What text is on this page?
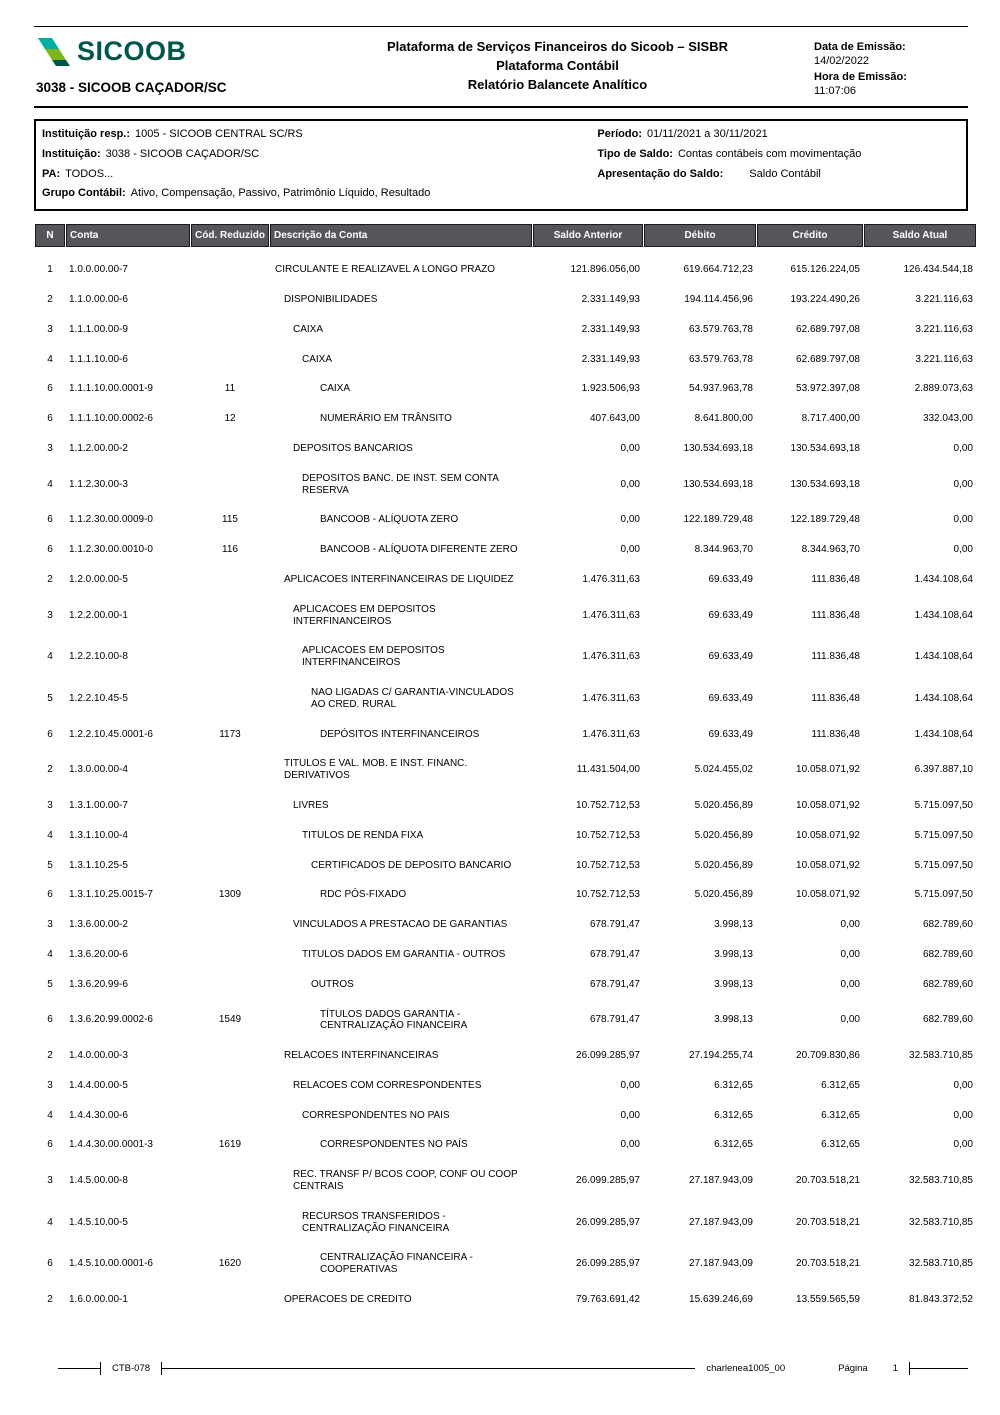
SICOOB	Plataforma de Serviços Financeiros do Sicoob – SISBR
Plataforma Contábil
Relatório Balancete Analítico
Data de Emissão:
14/02/2022
Hora de Emissão:
11:07:06
3038 - SICOOB CAÇADOR/SC
Instituição resp.: 1005 - SICOOB CENTRAL SC/RS	Período: 01/11/2021 a 30/11/2021
Instituição: 3038 - SICOOB CAÇADOR/SC	Tipo de Saldo: Contas contábeis com movimentação
PA: TODOS...	Apresentação do Saldo: Saldo Contábil
Grupo Contábil: Ativo, Compensação, Passivo, Patrimônio Líquido, Resultado
N	Conta	Cód. Reduzido	Descrição da Conta	Saldo Anterior	Débito	Crédito	Saldo Atual
1	1.0.0.00.00-7		CIRCULANTE E REALIZAVEL A LONGO PRAZO	121.896.056,00	619.664.712,23	615.126.224,05	126.434.544,18
2	1.1.0.00.00-6		DISPONIBILIDADES	2.331.149,93	194.114.456,96	193.224.490,26	3.221.116,63
3	1.1.1.00.00-9		CAIXA	2.331.149,93	63.579.763,78	62.689.797,08	3.221.116,63
4	1.1.1.10.00-6		CAIXA	2.331.149,93	63.579.763,78	62.689.797,08	3.221.116,63
6	1.1.1.10.00.0001-9	11	CAIXA	1.923.506,93	54.937.963,78	53.972.397,08	2.889.073,63
6	1.1.1.10.00.0002-6	12	NUMERÁRIO EM TRÂNSITO	407.643,00	8.641.800,00	8.717.400,00	332.043,00
3	1.1.2.00.00-2		DEPOSITOS BANCARIOS	0,00	130.534.693,18	130.534.693,18	0,00
4	1.1.2.30.00-3		DEPOSITOS BANC. DE INST. SEM CONTA RESERVA	0,00	130.534.693,18	130.534.693,18	0,00
6	1.1.2.30.00.0009-0	115	BANCOOB - ALÍQUOTA ZERO	0,00	122.189.729,48	122.189.729,48	0,00
6	1.1.2.30.00.0010-0	116	BANCOOB - ALÍQUOTA DIFERENTE ZERO	0,00	8.344.963,70	8.344.963,70	0,00
2	1.2.0.00.00-5		APLICACOES INTERFINANCEIRAS DE LIQUIDEZ	1.476.311,63	69.633,49	111.836,48	1.434.108,64
3	1.2.2.00.00-1		APLICACOES EM DEPOSITOS INTERFINANCEIROS	1.476.311,63	69.633,49	111.836,48	1.434.108,64
4	1.2.2.10.00-8		APLICACOES EM DEPOSITOS INTERFINANCEIROS	1.476.311,63	69.633,49	111.836,48	1.434.108,64
5	1.2.2.10.45-5		NAO LIGADAS C/ GARANTIA-VINCULADOS AO CRED. RURAL	1.476.311,63	69.633,49	111.836,48	1.434.108,64
6	1.2.2.10.45.0001-6	1173	DEPÓSITOS INTERFINANCEIROS	1.476.311,63	69.633,49	111.836,48	1.434.108,64
2	1.3.0.00.00-4		TITULOS E VAL. MOB. E INST. FINANC. DERIVATIVOS	11.431.504,00	5.024.455,02	10.058.071,92	6.397.887,10
3	1.3.1.00.00-7		LIVRES	10.752.712,53	5.020.456,89	10.058.071,92	5.715.097,50
4	1.3.1.10.00-4		TITULOS DE RENDA FIXA	10.752.712,53	5.020.456,89	10.058.071,92	5.715.097,50
5	1.3.1.10.25-5		CERTIFICADOS DE DEPOSITO BANCARIO	10.752.712,53	5.020.456,89	10.058.071,92	5.715.097,50
6	1.3.1.10.25.0015-7	1309	RDC PÓS-FIXADO	10.752.712,53	5.020.456,89	10.058.071,92	5.715.097,50
3	1.3.6.00.00-2		VINCULADOS A PRESTACAO DE GARANTIAS	678.791,47	3.998,13	0,00	682.789,60
4	1.3.6.20.00-6		TITULOS DADOS EM GARANTIA - OUTROS	678.791,47	3.998,13	0,00	682.789,60
5	1.3.6.20.99-6		OUTROS	678.791,47	3.998,13	0,00	682.789,60
6	1.3.6.20.99.0002-6	1549	TÍTULOS DADOS GARANTIA - CENTRALIZAÇÃO FINANCEIRA	678.791,47	3.998,13	0,00	682.789,60
2	1.4.0.00.00-3		RELACOES INTERFINANCEIRAS	26.099.285,97	27.194.255,74	20.709.830,86	32.583.710,85
3	1.4.4.00.00-5		RELACOES COM CORRESPONDENTES	0,00	6.312,65	6.312,65	0,00
4	1.4.4.30.00-6		CORRESPONDENTES NO PAIS	0,00	6.312,65	6.312,65	0,00
6	1.4.4.30.00.0001-3	1619	CORRESPONDENTES NO PAÍS	0,00	6.312,65	6.312,65	0,00
3	1.4.5.00.00-8		REC. TRANSF P/ BCOS COOP, CONF OU COOP CENTRAIS	26.099.285,97	27.187.943,09	20.703.518,21	32.583.710,85
4	1.4.5.10.00-5		RECURSOS TRANSFERIDOS - CENTRALIZAÇÃO FINANCEIRA	26.099.285,97	27.187.943,09	20.703.518,21	32.583.710,85
6	1.4.5.10.00.0001-6	1620	CENTRALIZAÇÃO FINANCEIRA - COOPERATIVAS	26.099.285,97	27.187.943,09	20.703.518,21	32.583.710,85
2	1.6.0.00.00-1		OPERACOES DE CREDITO	79.763.691,42	15.639.246,69	13.559.565,59	81.843.372,52
CTB-078	charlenea1005_00	Página	1
